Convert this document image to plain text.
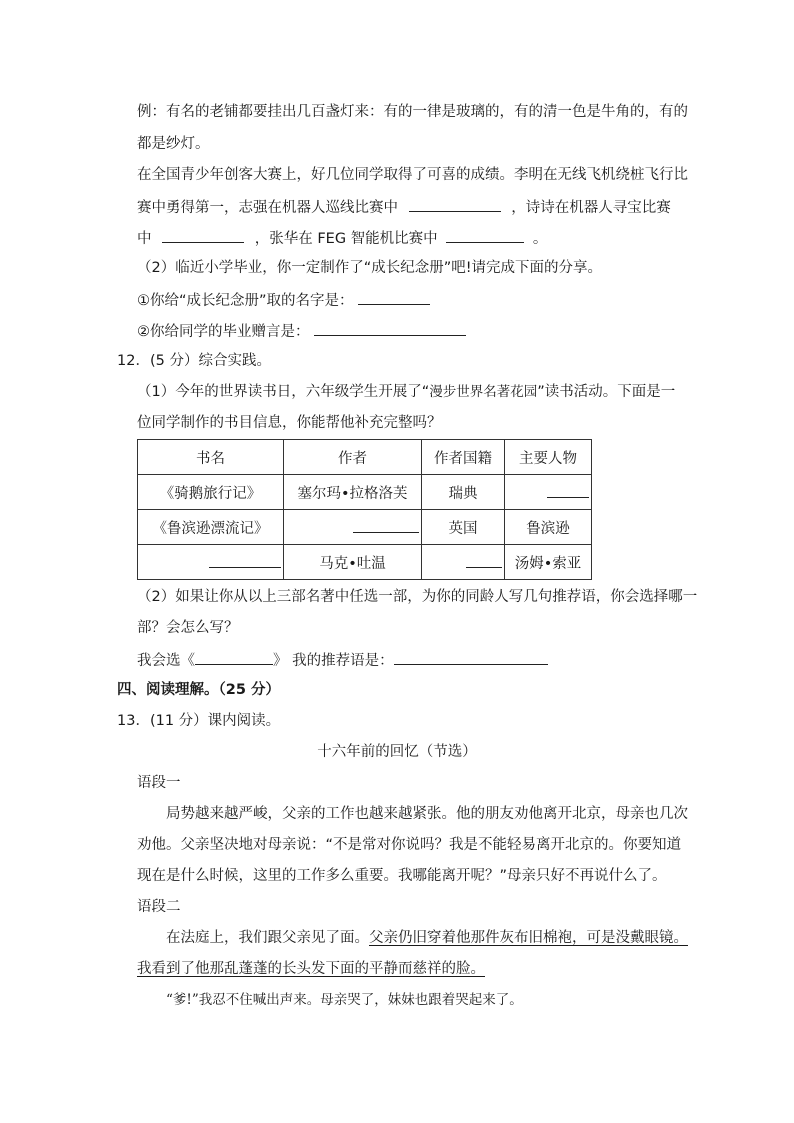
例：有名的老铺都要挂出几百盏灯来：有的一律是玻璃的，有的清一色是牛角的，有的
都是纱灯。
在全国青少年创客大赛上，好几位同学取得了可喜的成绩。李明在无线飞机绕桩飞行比
赛中勇得第一，志强在机器人巡线比赛中	，诗诗在机器人寻宝比赛
中	，张华在 FEG 智能机比赛中	。
（2）临近小学毕业，你一定制作了“成长纪念册”吧!请完成下面的分享。
①你给“成长纪念册”取的名字是：
②你给同学的毕业赠言是：
12．(5 分）综合实践。
（1）今年的世界读书日，六年级学生开展了“漫步世界名著花园”读书活动。下面是一
位同学制作的书目信息，你能帮他补充完整吗？
书名	作者	作者国籍	主要人物
《骑鹅旅行记》	塞尔玛•拉格洛芙	瑞典	
《鲁滨逊漂流记》		英国	鲁滨逊
	马克•吐温		汤姆•索亚
（2）如果让你从以上三部名著中任选一部，为你的同龄人写几句推荐语，你会选择哪一
部？会怎么写？
我会选《	》 我的推荐语是：
四、阅读理解。（25 分）
13．(11 分）课内阅读。
十六年前的回忆（节选）
语段一
局势越来越严峻，父亲的工作也越来越紧张。他的朋友劝他离开北京，母亲也几次
劝他。父亲坚决地对母亲说：“不是常对你说吗？我是不能轻易离开北京的。你要知道
现在是什么时候，这里的工作多么重要。我哪能离开呢？”母亲只好不再说什么了。
语段二
在法庭上，我们跟父亲见了面。父亲仍旧穿着他那件灰布旧棉袍，可是没戴眼镜。
我看到了他那乱蓬蓬的长头发下面的平静而慈祥的脸。
“爹!”我忍不住喊出声来。母亲哭了，妹妹也跟着哭起来了。
